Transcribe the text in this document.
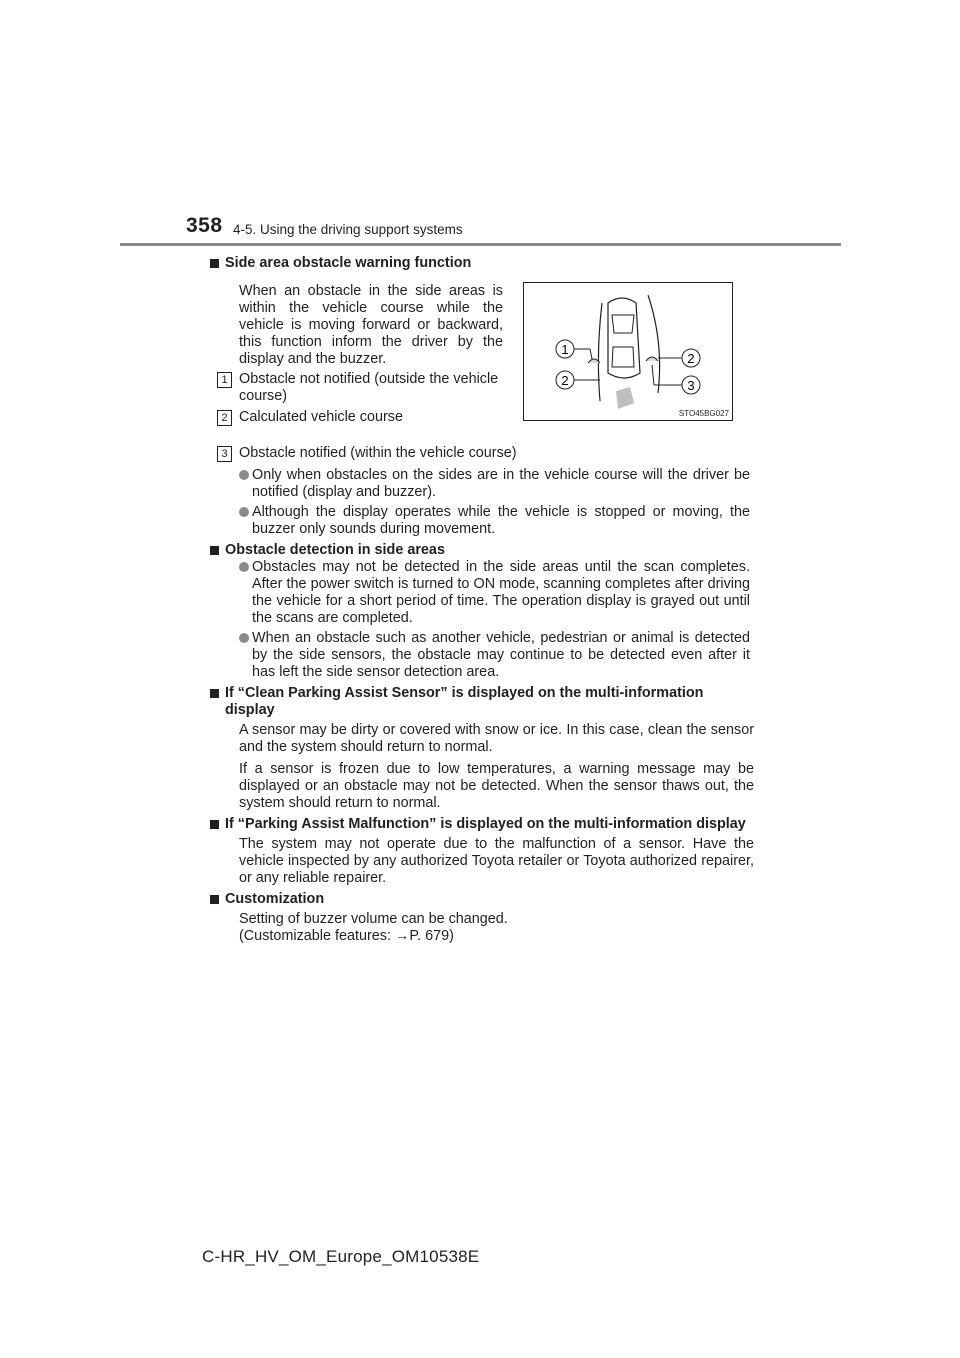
358 4-5. Using the driving support systems
1
2
2
3
STO45BG027

Side area obstacle warning function

When an obstacle in the side areas is within the vehicle course while the vehicle is moving forward or backward, this function inform the driver by the display and the buzzer.

1 Obstacle not notified (outside the vehicle course)
2 Calculated vehicle course
3 Obstacle notified (within the vehicle course)
Only when obstacles on the sides are in the vehicle course will the driver be notified (display and buzzer).
Although the display operates while the vehicle is stopped or moving, the buzzer only sounds during movement.

Obstacle detection in side areas

Obstacles may not be detected in the side areas until the scan completes. After the power switch is turned to ON mode, scanning completes after driving the vehicle for a short period of time. The operation display is grayed out until the scans are completed.
When an obstacle such as another vehicle, pedestrian or animal is detected by the side sensors, the obstacle may continue to be detected even after it has left the side sensor detection area.

If “Clean Parking Assist Sensor” is displayed on the multi-information display

A sensor may be dirty or covered with snow or ice. In this case, clean the sensor and the system should return to normal.

If a sensor is frozen due to low temperatures, a warning message may be displayed or an obstacle may not be detected. When the sensor thaws out, the system should return to normal.

If “Parking Assist Malfunction” is displayed on the multi-information display

The system may not operate due to the malfunction of a sensor. Have the vehicle inspected by any authorized Toyota retailer or Toyota authorized repairer, or any reliable repairer.

Customization

Setting of buzzer volume can be changed.

(Customizable features: →P. 679)

C-HR_HV_OM_Europe_OM10538E
